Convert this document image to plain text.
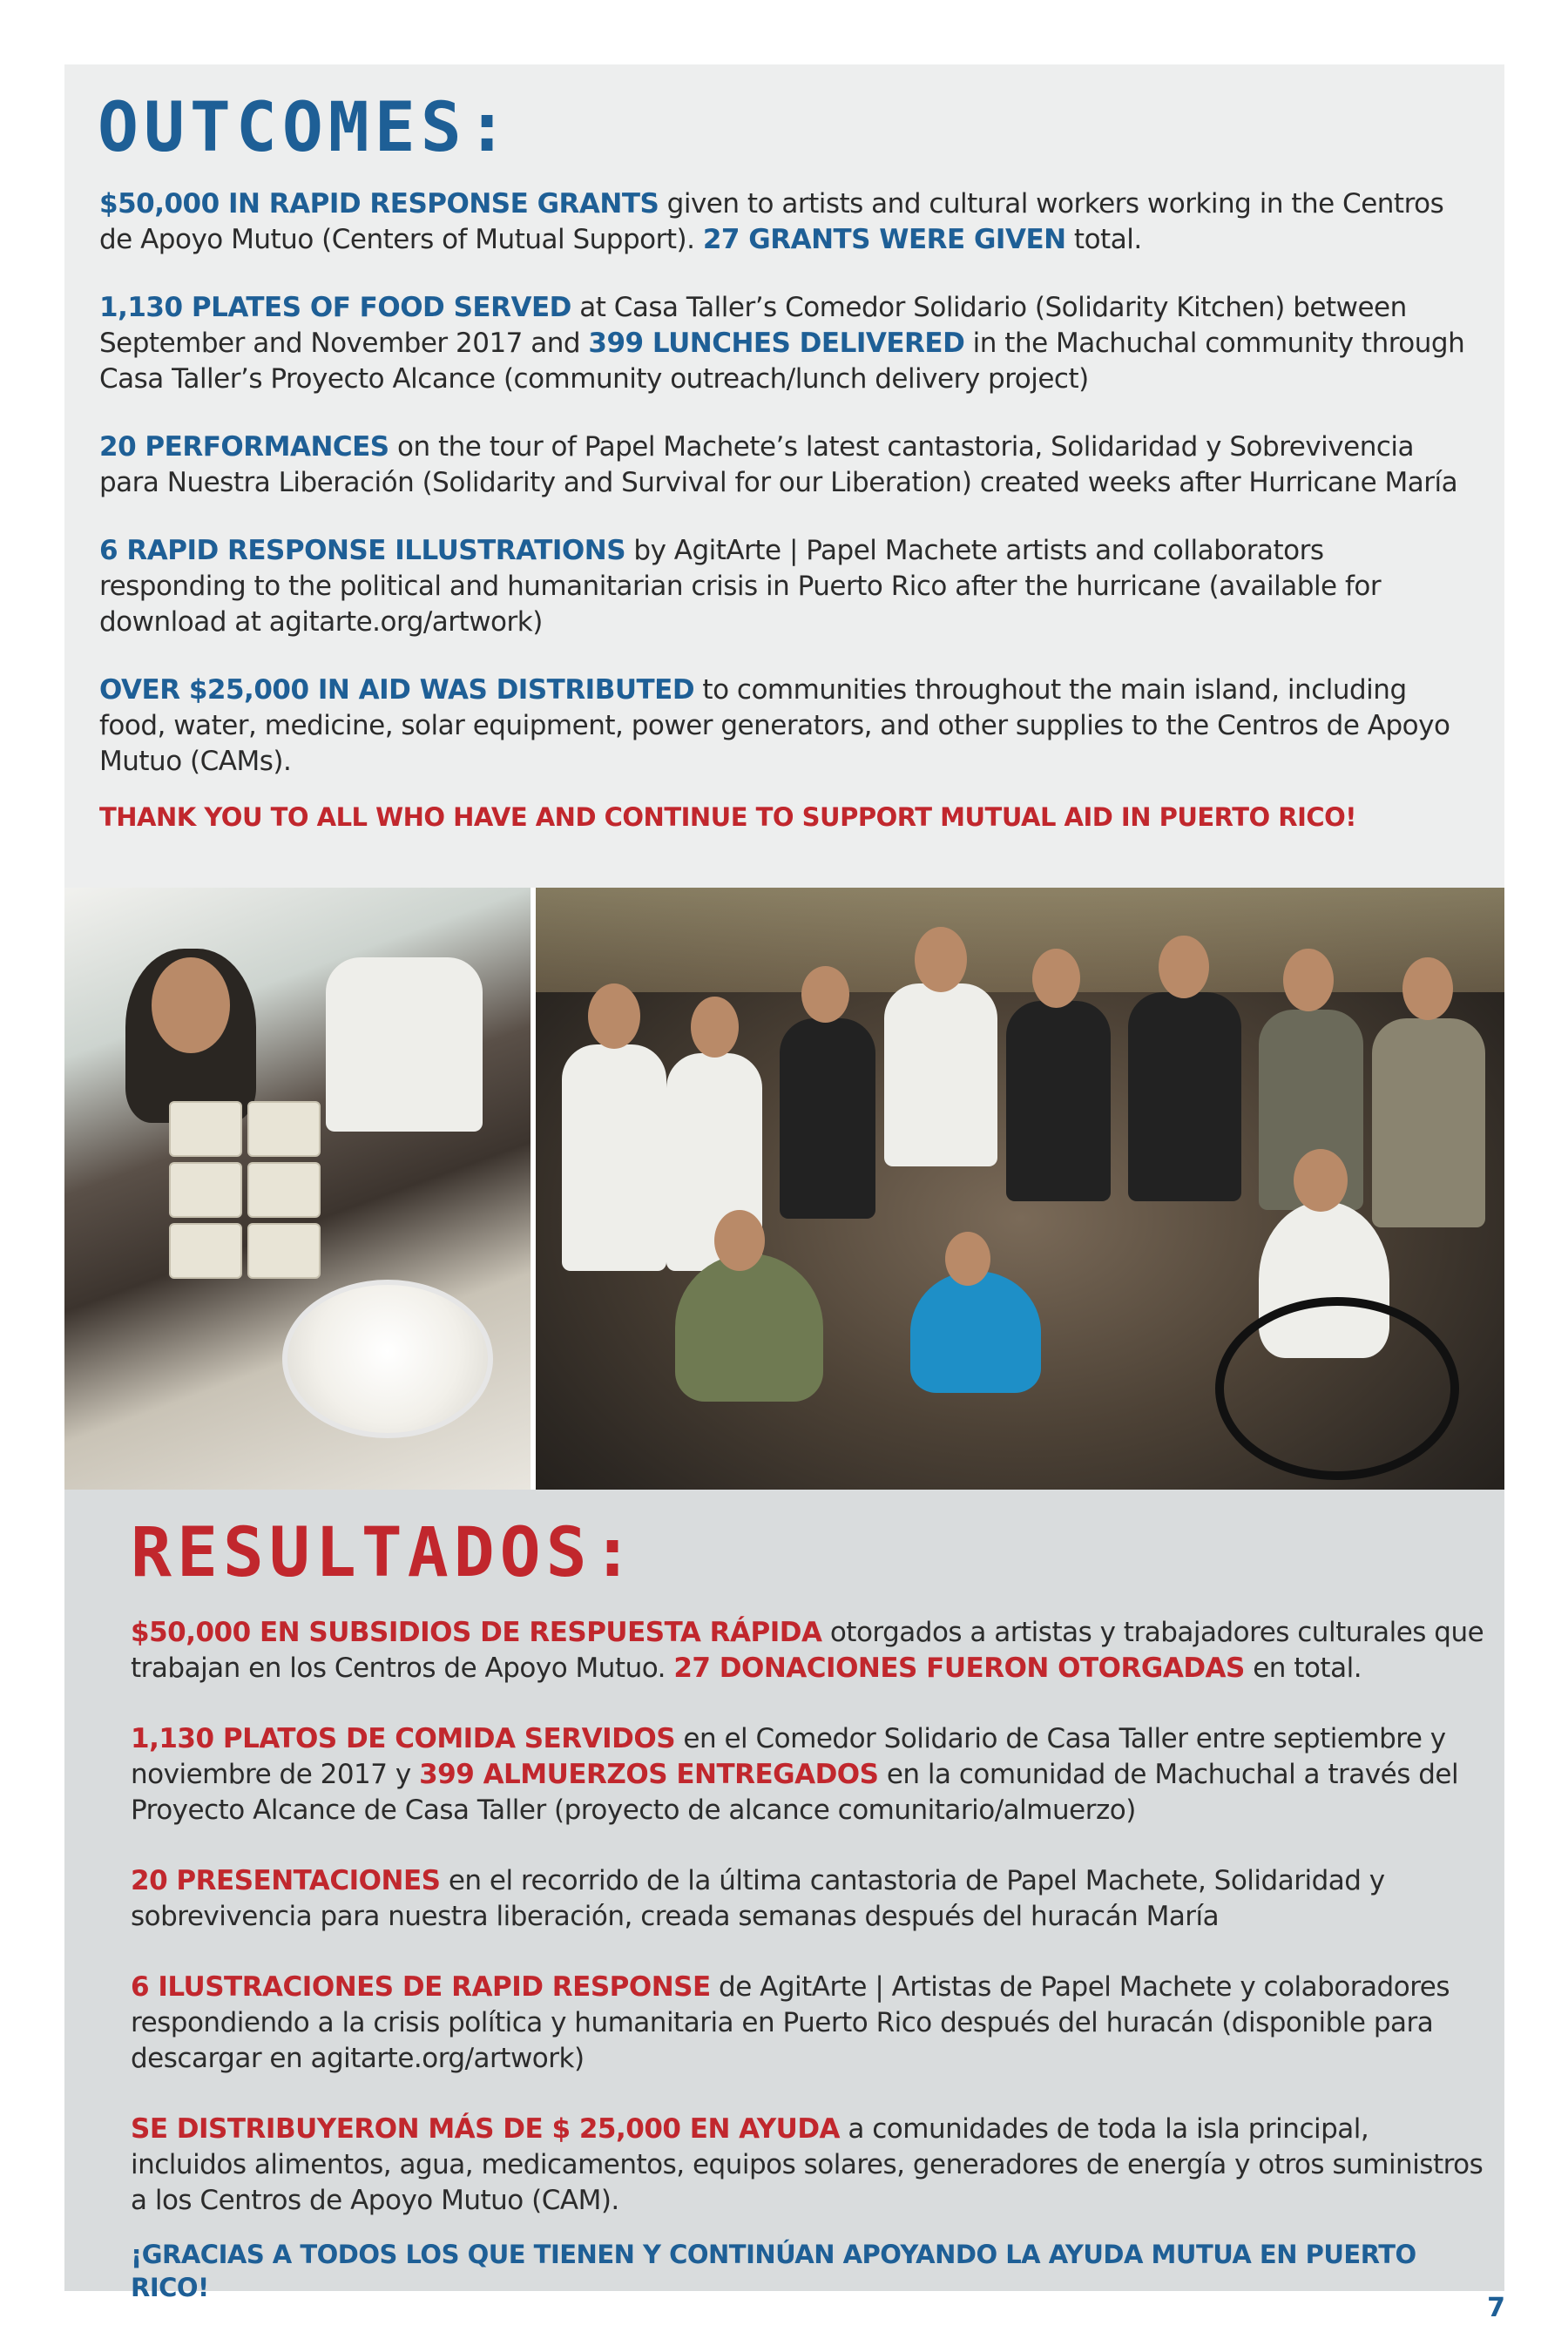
OUTCOMES:

$50,000 IN RAPID RESPONSE GRANTS given to artists and cultural workers working in the Centros de Apoyo Mutuo (Centers of Mutual Support). 27 GRANTS WERE GIVEN total.

1,130 PLATES OF FOOD SERVED at Casa Taller’s Comedor Solidario (Solidarity Kitchen) between September and November 2017 and 399 LUNCHES DELIVERED in the Machuchal community through Casa Taller’s Proyecto Alcance (community outreach/lunch delivery project)

20 PERFORMANCES on the tour of Papel Machete’s latest cantastoria, Solidaridad y Sobrevivencia para Nuestra Liberación (Solidarity and Survival for our Liberation) created weeks after Hurricane María

6 RAPID RESPONSE ILLUSTRATIONS by AgitArte | Papel Machete artists and collaborators responding to the political and humanitarian crisis in Puerto Rico after the hurricane (available for download at agitarte.org/artwork)

OVER $25,000 IN AID WAS DISTRIBUTED to communities throughout the main island, including food, water, medicine, solar equipment, power generators, and other supplies to the Centros de Apoyo Mutuo (CAMs).

THANK YOU TO ALL WHO HAVE AND CONTINUE TO SUPPORT MUTUAL AID IN PUERTO RICO!

RESULTADOS:

$50,000 EN SUBSIDIOS DE RESPUESTA RÁPIDA otorgados a artistas y trabajadores culturales que trabajan en los Centros de Apoyo Mutuo. 27 DONACIONES FUERON OTORGADAS en total.

1,130 PLATOS DE COMIDA SERVIDOS en el Comedor Solidario de Casa Taller entre septiembre y noviembre de 2017 y 399 ALMUERZOS ENTREGADOS en la comunidad de Machuchal a través del Proyecto Alcance de Casa Taller (proyecto de alcance comunitario/almuerzo)

20 PRESENTACIONES en el recorrido de la última cantastoria de Papel Machete, Solidaridad y sobrevivencia para nuestra liberación, creada semanas después del huracán María

6 ILUSTRACIONES DE RAPID RESPONSE de AgitArte | Artistas de Papel Machete y colaboradores respondiendo a la crisis política y humanitaria en Puerto Rico después del huracán (disponible para descargar en agitarte.org/artwork)

SE DISTRIBUYERON MÁS DE $ 25,000 EN AYUDA a comunidades de toda la isla principal, incluidos alimentos, agua, medicamentos, equipos solares, generadores de energía y otros suministros a los Centros de Apoyo Mutuo (CAM).

¡GRACIAS A TODOS LOS QUE TIENEN Y CONTINÚAN APOYANDO LA AYUDA MUTUA EN PUERTO RICO!

7
